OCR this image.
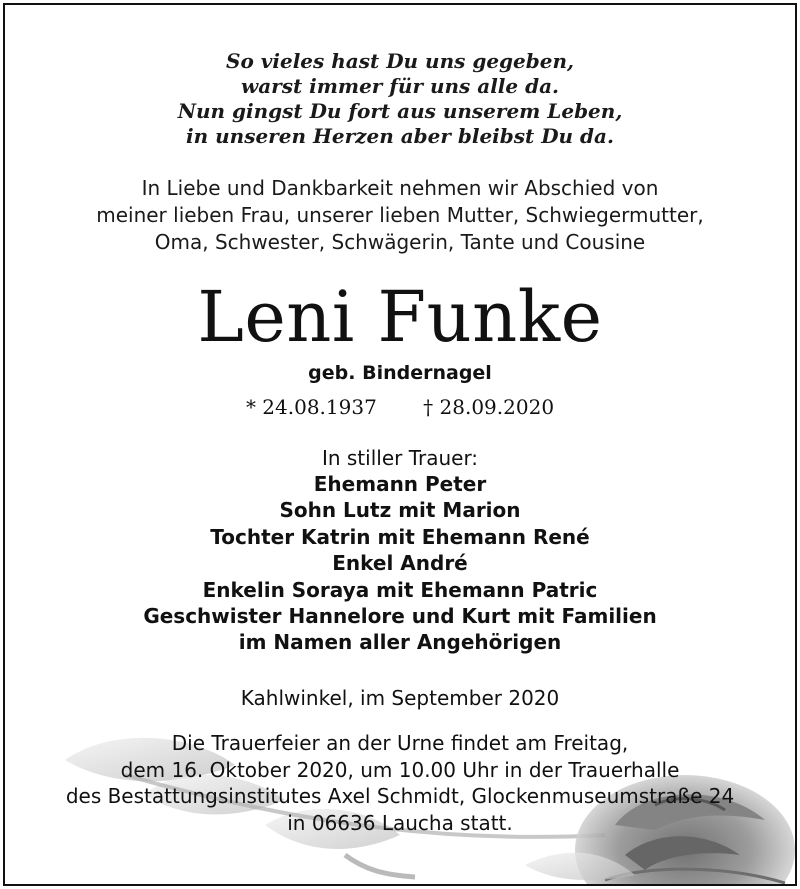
So vieles hast Du uns gegeben,
warst immer für uns alle da.
Nun gingst Du fort aus unserem Leben,
in unseren Herzen aber bleibst Du da.
In Liebe und Dankbarkeit nehmen wir Abschied von
meiner lieben Frau, unserer lieben Mutter, Schwiegermutter,
Oma, Schwester, Schwägerin, Tante und Cousine
Leni Funke
geb. Bindernagel
* 24.08.1937 † 28.09.2020
In stiller Trauer:
Ehemann Peter
Sohn Lutz mit Marion
Tochter Katrin mit Ehemann René
Enkel André
Enkelin Soraya mit Ehemann Patric
Geschwister Hannelore und Kurt mit Familien
im Namen aller Angehörigen
Kahlwinkel, im September 2020
Die Trauerfeier an der Urne findet am Freitag,
dem 16. Oktober 2020, um 10.00 Uhr in der Trauerhalle
des Bestattungsinstitutes Axel Schmidt, Glockenmuseumstraße 24
in 06636 Laucha statt.
